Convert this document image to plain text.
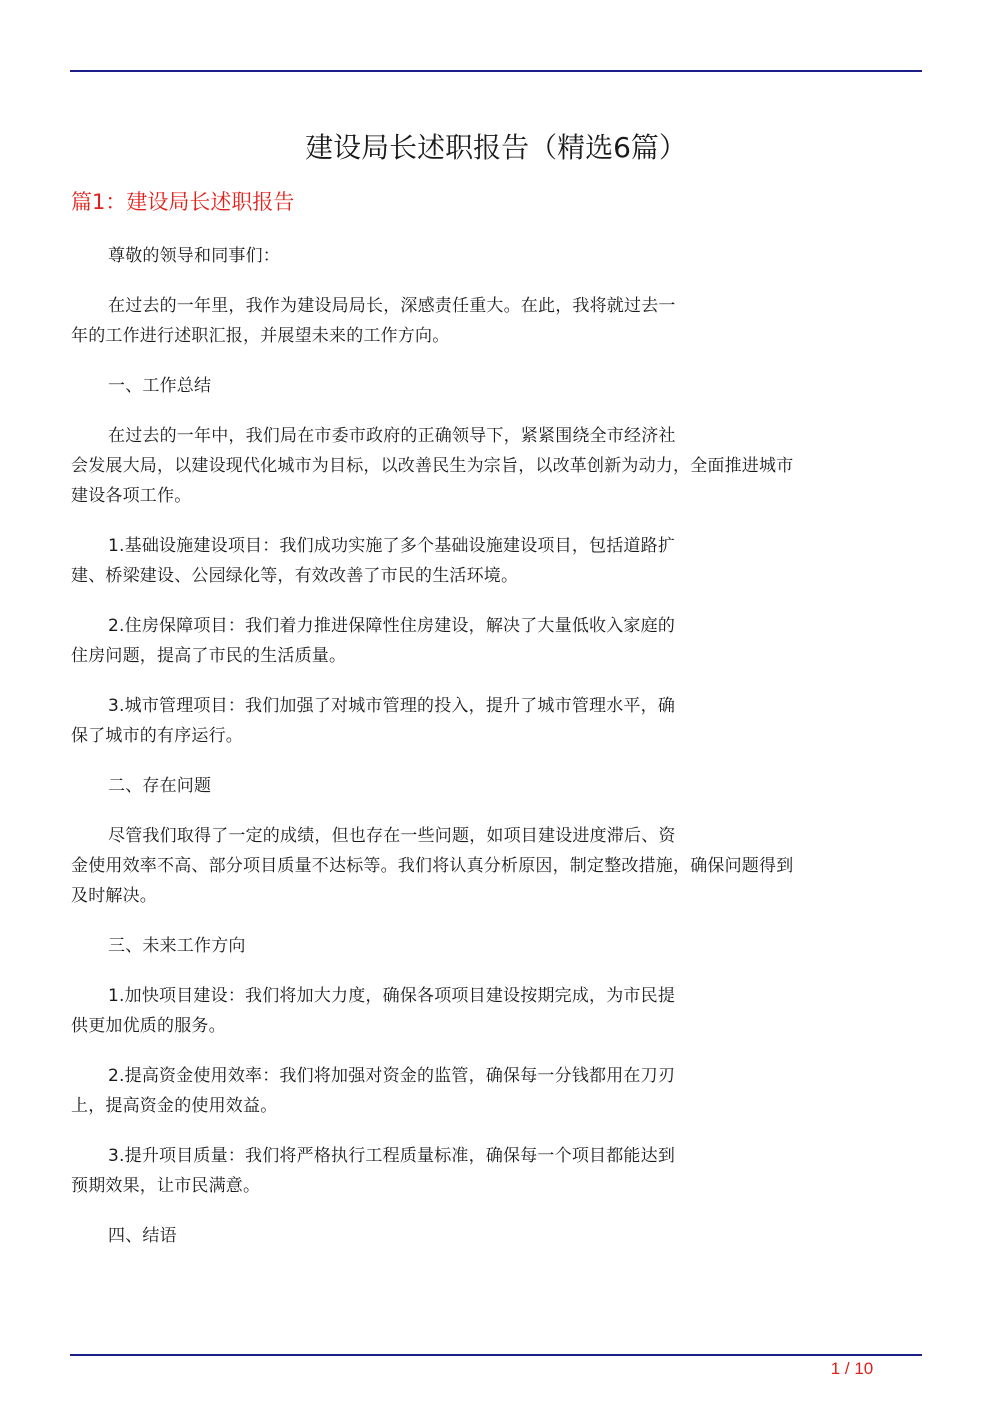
建设局长述职报告（精选6篇）
篇1：建设局长述职报告

尊敬的领导和同事们：

在过去的一年里，我作为建设局局长，深感责任重大。在此，我将就过去一
年的工作进行述职汇报，并展望未来的工作方向。

一、工作总结

在过去的一年中，我们局在市委市政府的正确领导下，紧紧围绕全市经济社
会发展大局，以建设现代化城市为目标，以改善民生为宗旨，以改革创新为动力，全面推进城市
建设各项工作。

1.基础设施建设项目：我们成功实施了多个基础设施建设项目，包括道路扩
建、桥梁建设、公园绿化等，有效改善了市民的生活环境。

2.住房保障项目：我们着力推进保障性住房建设，解决了大量低收入家庭的
住房问题，提高了市民的生活质量。

3.城市管理项目：我们加强了对城市管理的投入，提升了城市管理水平，确
保了城市的有序运行。

二、存在问题

尽管我们取得了一定的成绩，但也存在一些问题，如项目建设进度滞后、资
金使用效率不高、部分项目质量不达标等。我们将认真分析原因，制定整改措施，确保问题得到
及时解决。

三、未来工作方向

1.加快项目建设：我们将加大力度，确保各项项目建设按期完成，为市民提
供更加优质的服务。

2.提高资金使用效率：我们将加强对资金的监管，确保每一分钱都用在刀刃
上，提高资金的使用效益。

3.提升项目质量：我们将严格执行工程质量标准，确保每一个项目都能达到
预期效果，让市民满意。

四、结语

1 / 10
